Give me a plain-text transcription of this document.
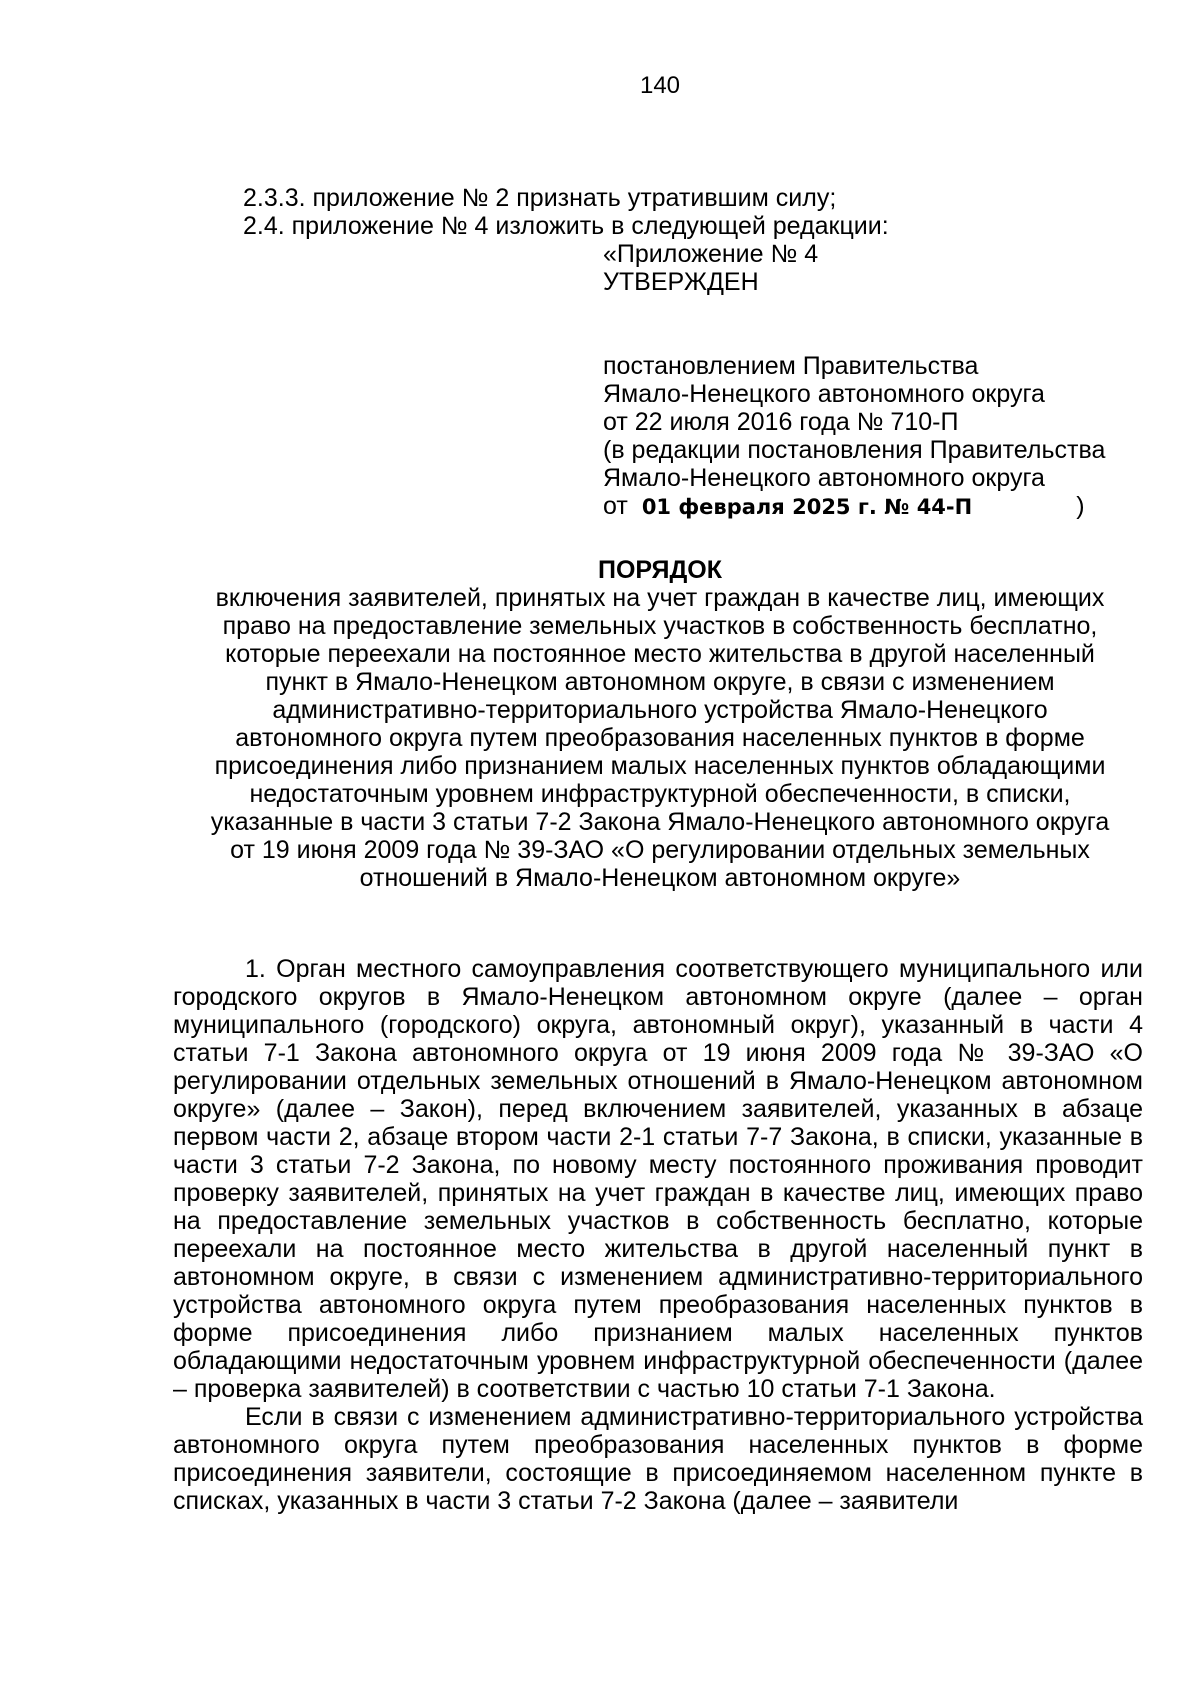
140
2.3.3. приложение № 2 признать утратившим силу;
2.4. приложение № 4 изложить в следующей редакции:
«Приложение № 4
УТВЕРЖДЕН
постановлением Правительства
Ямало-Ненецкого автономного округа
от 22 июля 2016 года № 710-П
(в редакции постановления Правительства
Ямало-Ненецкого автономного округа
от 01 февраля 2025 г. № 44-П	)
ПОРЯДОК
включения заявителей, принятых на учет граждан в качестве лиц, имеющих
право на предоставление земельных участков в собственность бесплатно,
которые переехали на постоянное место жительства в другой населенный
пункт в Ямало-Ненецком автономном округе, в связи с изменением
административно-территориального устройства Ямало-Ненецкого
автономного округа путем преобразования населенных пунктов в форме
присоединения либо признанием малых населенных пунктов обладающими
недостаточным уровнем инфраструктурной обеспеченности, в списки,
указанные в части 3 статьи 7-2 Закона Ямало-Ненецкого автономного округа
от 19 июня 2009 года № 39-ЗАО «О регулировании отдельных земельных
отношений в Ямало-Ненецком автономном округе»

1. Орган местного самоуправления соответствующего муниципального или городского округов в Ямало-Ненецком автономном округе (далее – орган муниципального (городского) округа, автономный округ), указанный в части 4 статьи 7-1 Закона автономного округа от 19 июня 2009 года № 39-ЗАО «О регулировании отдельных земельных отношений в Ямало-Ненецком автономном округе» (далее – Закон), перед включением заявителей, указанных в абзаце первом части 2, абзаце втором части 2-1 статьи 7-7 Закона, в списки, указанные в части 3 статьи 7-2 Закона, по новому месту постоянного проживания проводит проверку заявителей, принятых на учет граждан в качестве лиц, имеющих право на предоставление земельных участков в собственность бесплатно, которые переехали на постоянное место жительства в другой населенный пункт в автономном округе, в связи с изменением административно-территориального устройства автономного округа путем преобразования населенных пунктов в форме присоединения либо признанием малых населенных пунктов обладающими недостаточным уровнем инфраструктурной обеспеченности (далее – проверка заявителей) в соответствии с частью 10 статьи 7-1 Закона.

Если в связи с изменением административно-территориального устройства автономного округа путем преобразования населенных пунктов в форме присоединения заявители, состоящие в присоединяемом населенном пункте в списках, указанных в части 3 статьи 7-2 Закона (далее – заявители
